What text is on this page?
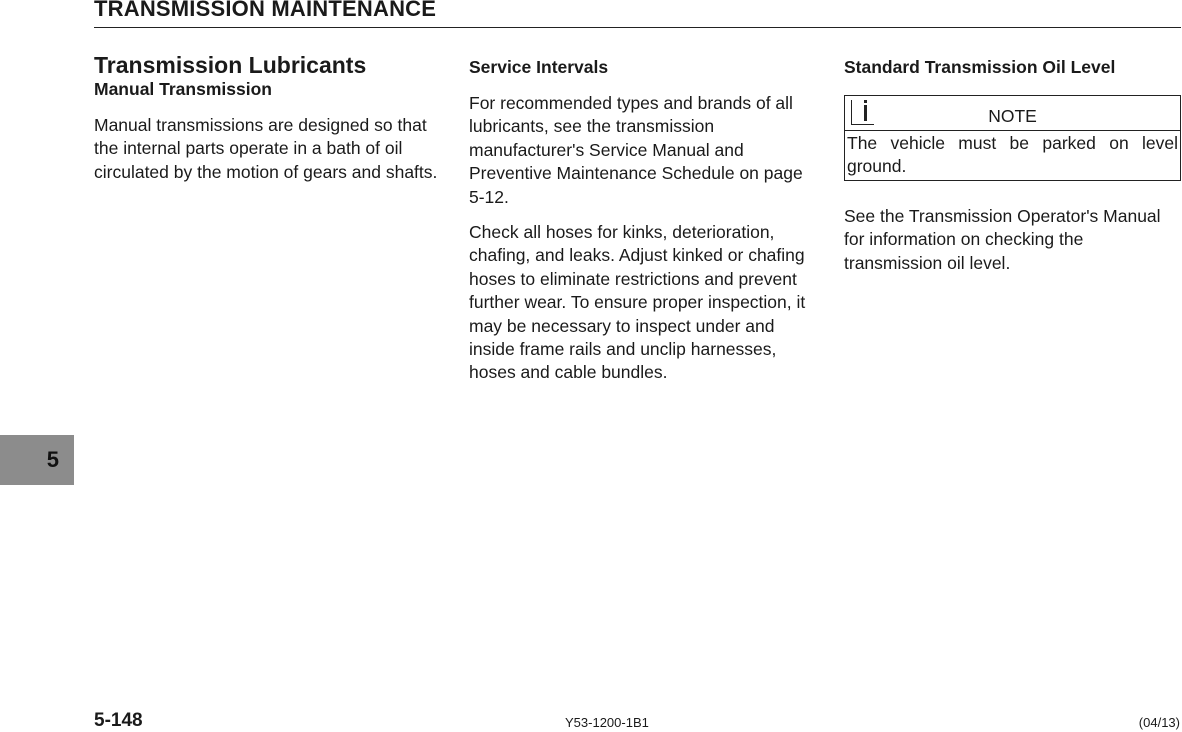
TRANSMISSION MAINTENANCE
Transmission Lubricants
Manual Transmission

Manual transmissions are designed so that the internal parts operate in a bath of oil circulated by the motion of gears and shafts.

Service Intervals

For recommended types and brands of all lubricants, see the transmission manufacturer's Service Manual and Preventive Maintenance Schedule on page 5-12.

Check all hoses for kinks, deterioration, chafing, and leaks. Adjust kinked or chafing hoses to eliminate restrictions and prevent further wear. To ensure proper inspection, it may be necessary to inspect under and inside frame rails and unclip harnesses, hoses and cable bundles.

Standard Transmission Oil Level
NOTE
The vehicle must be parked on level ground.

See the Transmission Operator's Manual for information on checking the transmission oil level.

5
5-148	Y53-1200-1B1	(04/13)
